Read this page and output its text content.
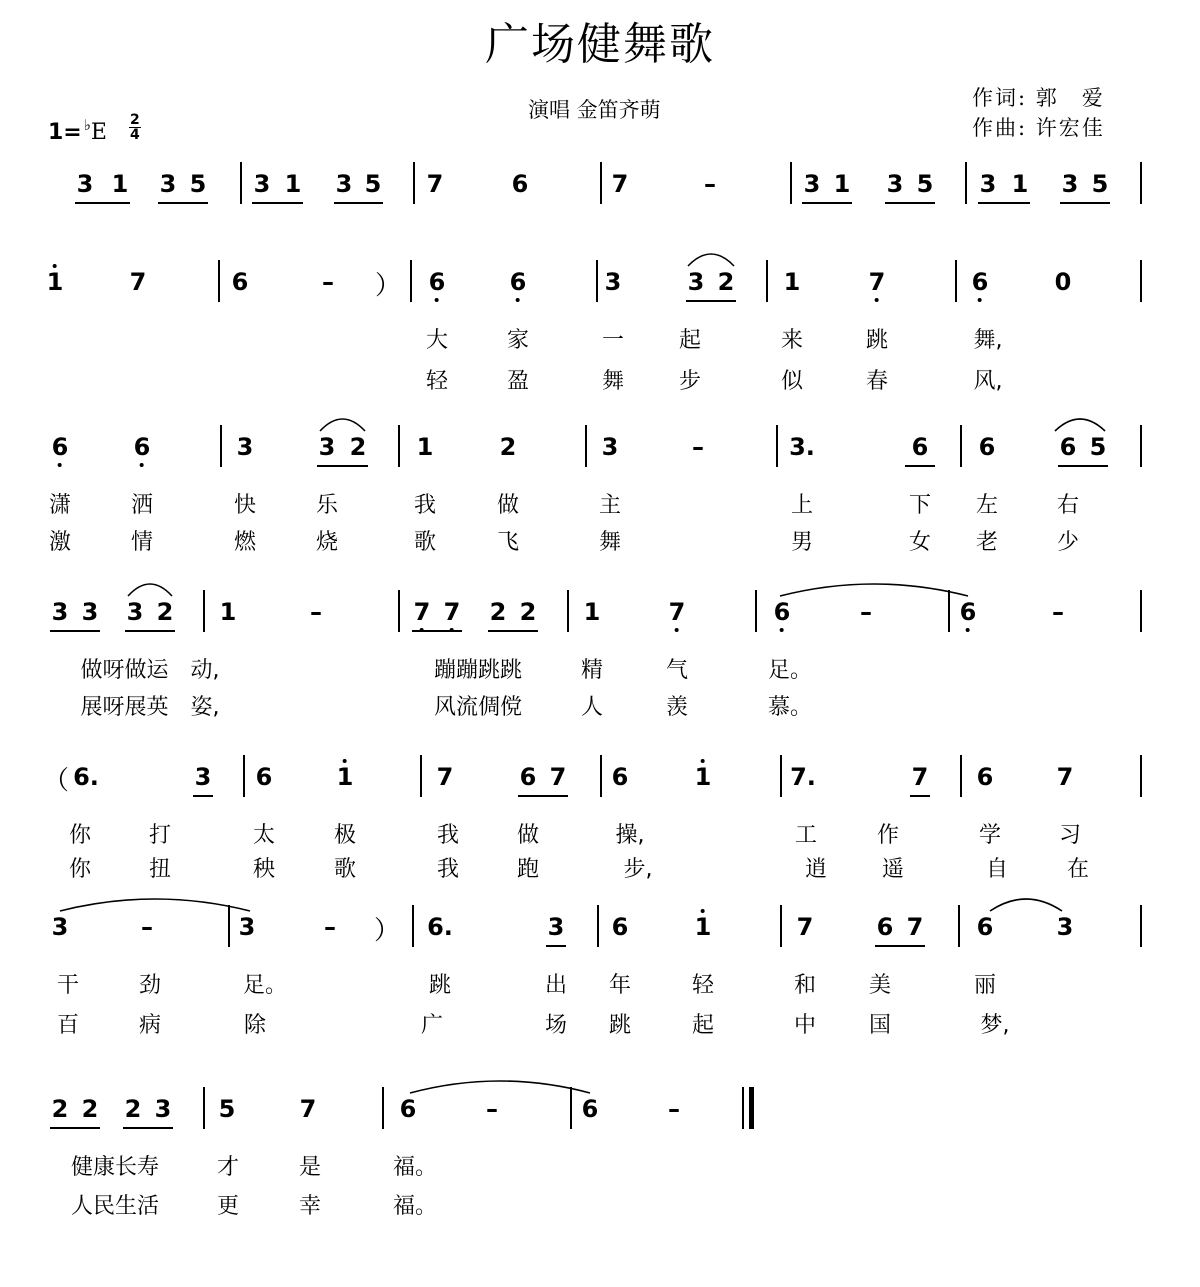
广场健舞歌
演唱 金笛齐萌	作词: 郭　爱
作曲: 许宏佳
1= ♭E 2
4
3 1 3 5 3 1 3 5 7	6	7	–	3 1 3 5 3 1 3 5
1	7	6	–	6	6	3	3 2 1	7	6	0
）
大	家	一 起	来	跳	舞,
轻	盈	舞 步	似	春	风,
6	6	3	3 2 1	2	3	–	3.	6 6	6 5
潇	洒	快	乐	我	做	主	上	下 左	右
激	情	燃	烧	歌	飞	舞	男	女 老	少
3 3 3 2 1	–	7 7 2 2 1	7	6	–	6	–
做呀做运　动,	蹦蹦跳跳	精	气	足。
展呀展英　姿,	风流倜傥	人	羡	慕。
6.	3 6	1	7	6 7 6	1	7.	7 6	7
（
你	打	太	极	我	做	操,	工	作	学	习
你	扭	秧	歌	我	跑	步,	逍 遥	自	在
3	–	3	–	6.	3 6	1	7	6 7 6	3
）
干	劲	足。	跳	出 年	轻	和 美	丽
百	病	除	广	场 跳	起	中 国	梦,
2 2 2 3 5	7	6	–	6	–
健康长寿	才	是	福。
人民生活	更	幸	福。
